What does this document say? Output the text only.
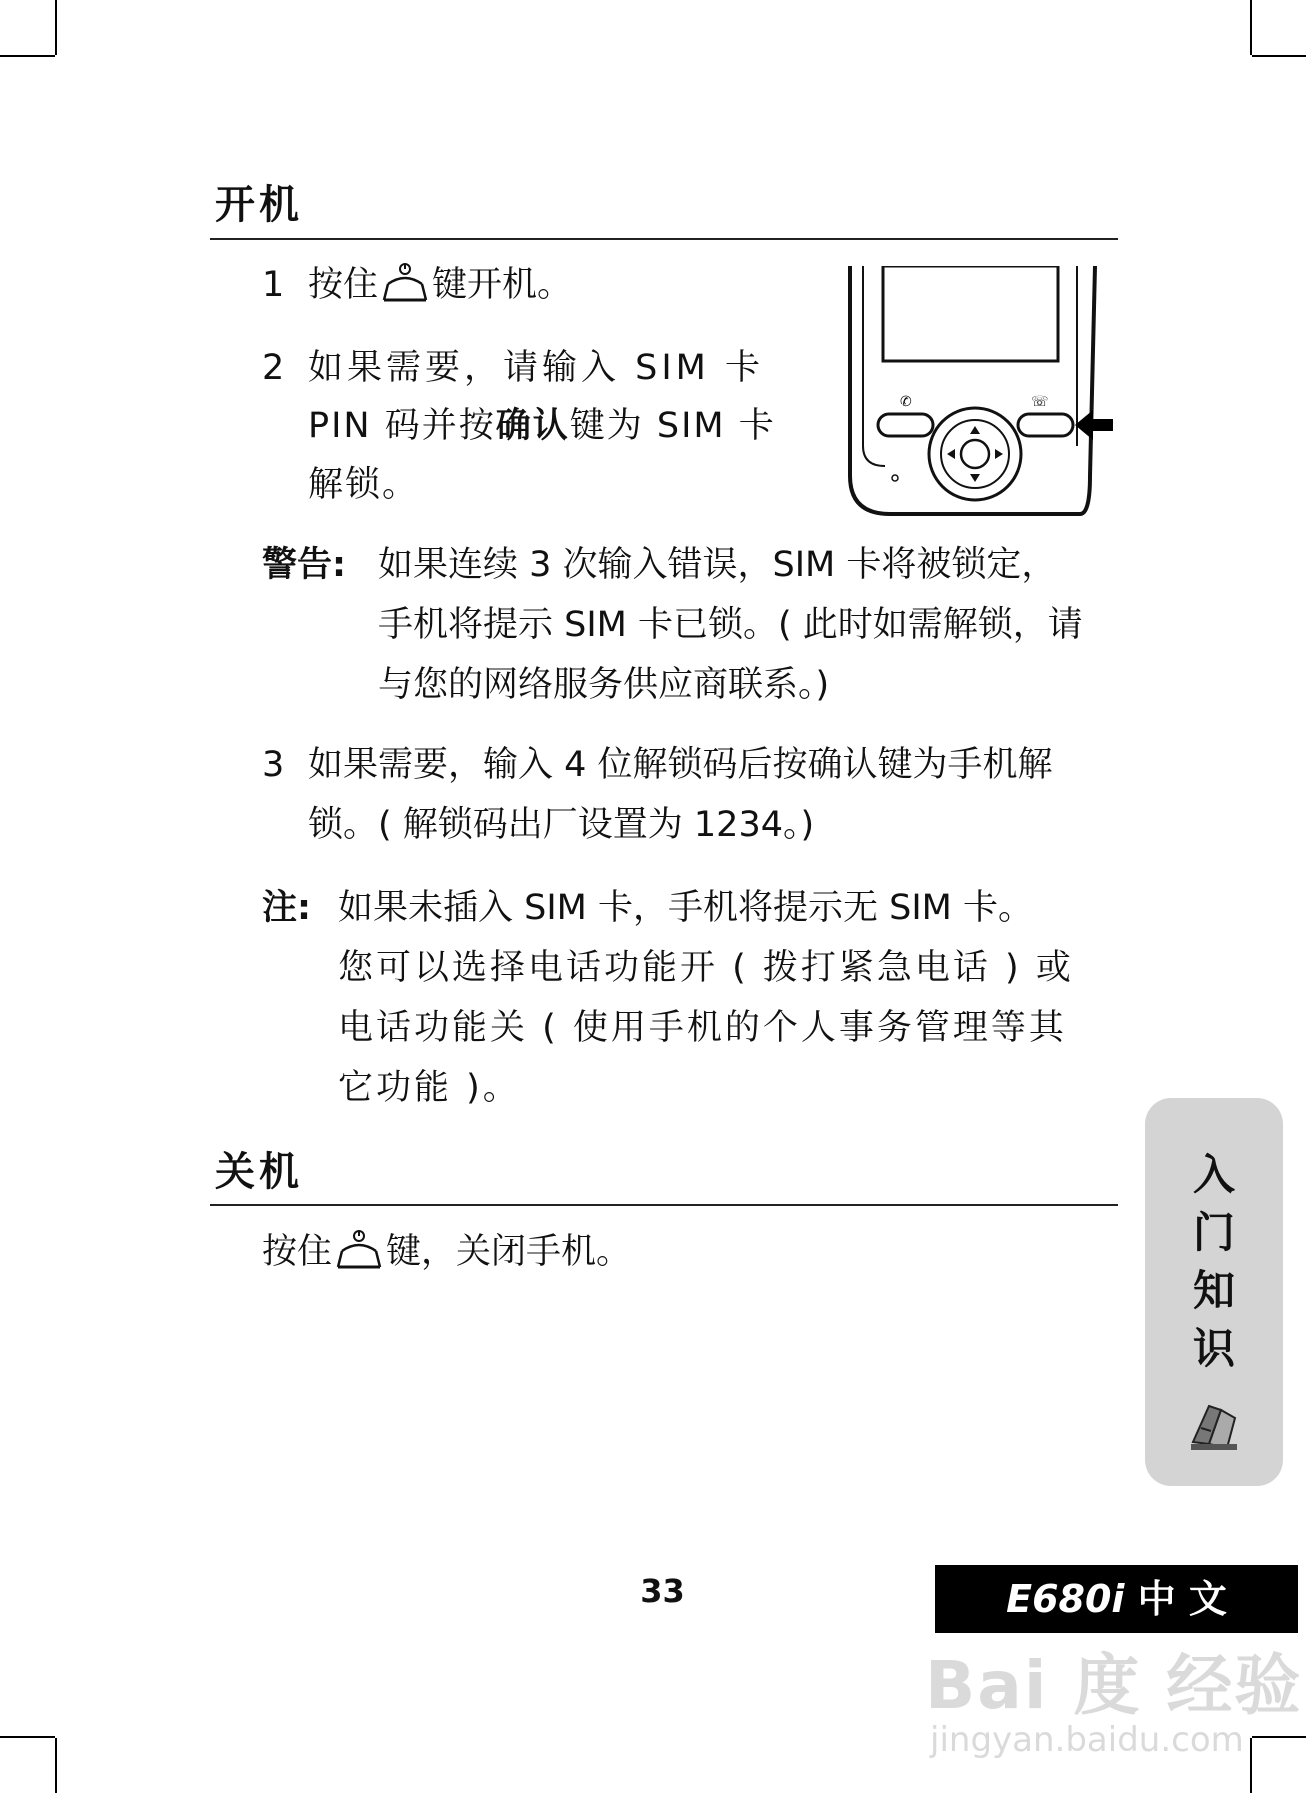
开机
1 按住 键开机。
2 如果需要，请输入 SIM 卡
PIN 码并按确认键为 SIM 卡
解锁。
✆	☏
警告: 如果连续 3 次输入错误，SIM 卡将被锁定，
手机将提示 SIM 卡已锁。( 此时如需解锁，请
与您的网络服务供应商联系。)
3 如果需要，输入 4 位解锁码后按确认键为手机解
锁。( 解锁码出厂设置为 1234。)
注: 如果未插入 SIM 卡，手机将提示无 SIM 卡。
您可以选择电话功能开 ( 拨打紧急电话 ) 或
电话功能关 ( 使用手机的个人事务管理等其
它功能 )。
关机
按住 键，关闭手机。
入
门
知
识
33	E680i 中 文
Bai 度 经验
jingyan.baidu.com
